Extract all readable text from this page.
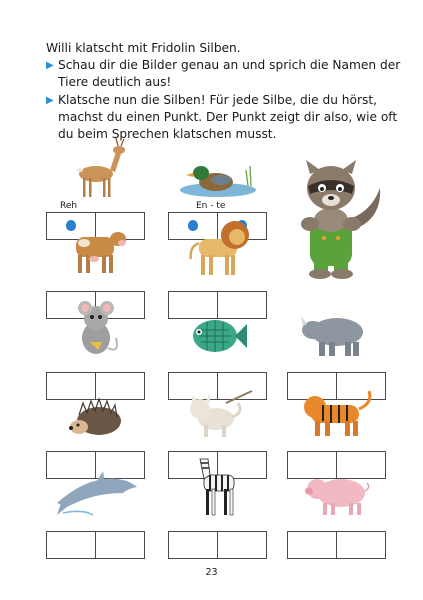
Willi klatscht mit Fridolin Silben.

▶ Schau dir die Bilder genau an und sprich die Namen der Tiere deutlich aus!

▶ Klatsche nun die Silben! Für jede Silbe, die du hörst, machst du einen Punkt. Der Punkt zeigt dir also, wie oft du beim Sprechen klatschen musst.

Reh	En - te
23
